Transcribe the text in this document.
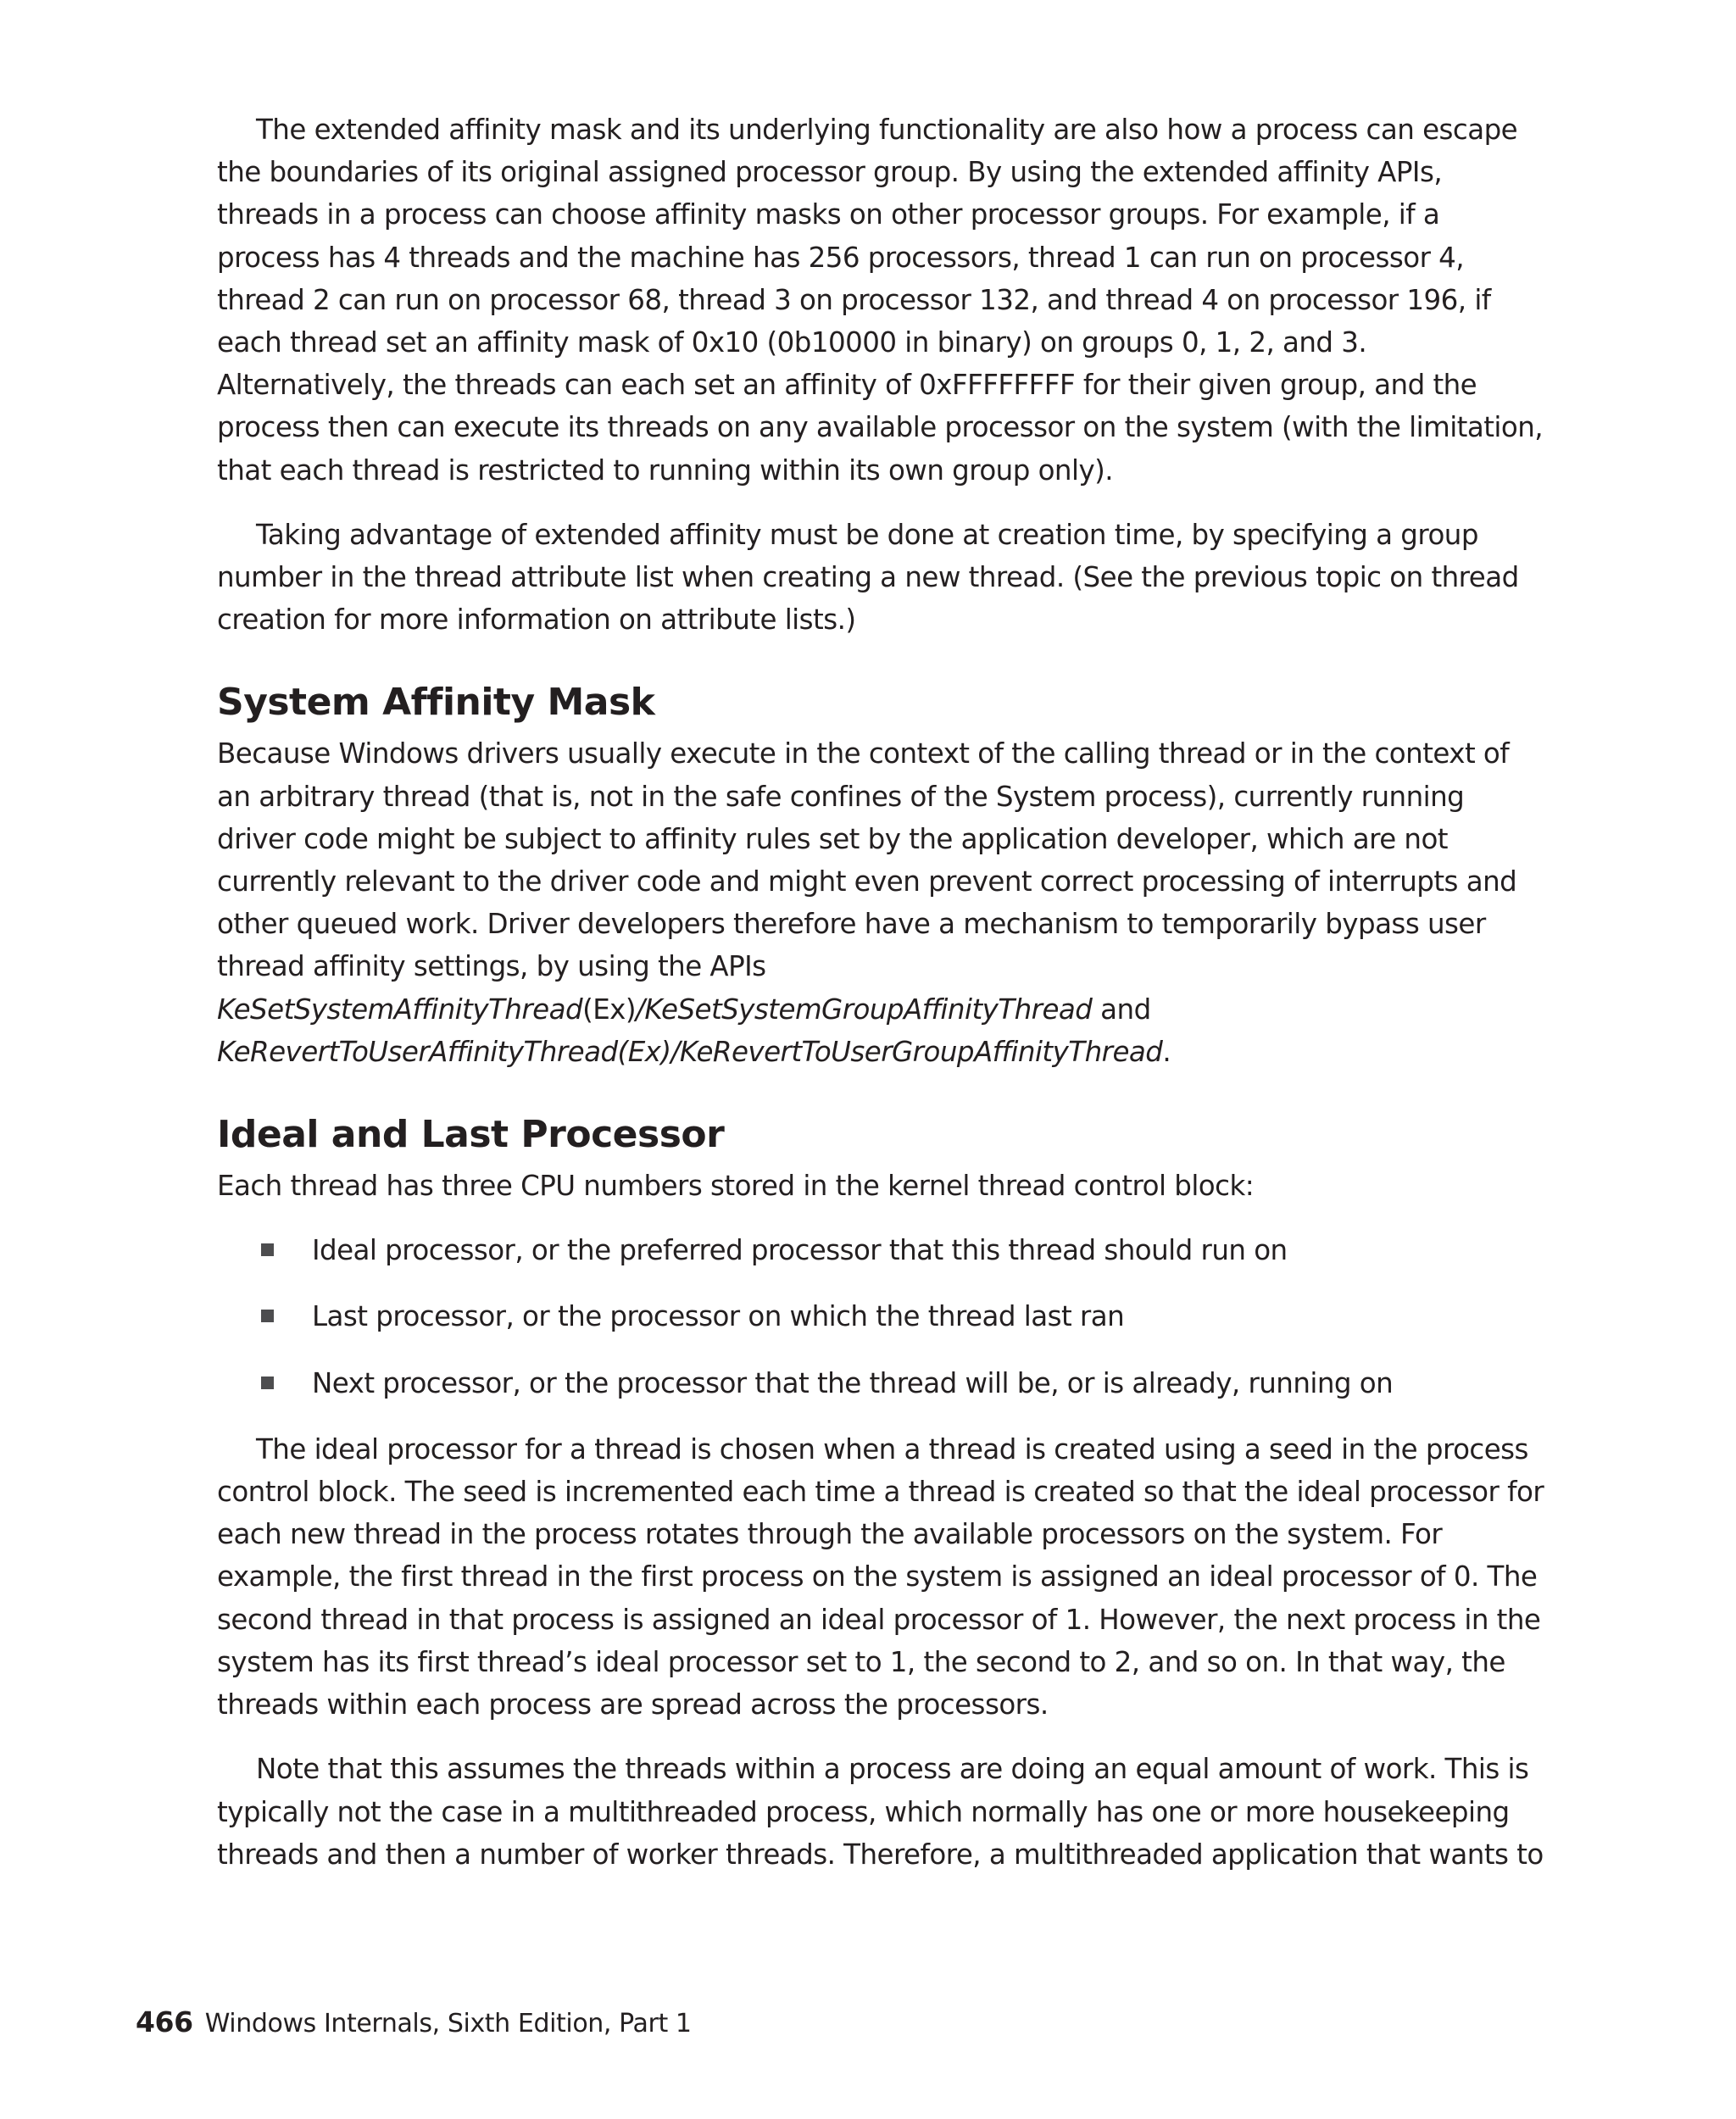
The extended affinity mask and its underlying functionality are also how a process can escape the boundaries of its original assigned processor group. By using the extended affinity APIs, threads in a process can choose affinity masks on other processor groups. For example, if a process has 4 threads and the machine has 256 processors, thread 1 can run on processor 4, thread 2 can run on processor 68, thread 3 on processor 132, and thread 4 on processor 196, if each thread set an affinity mask of 0x10 (0b10000 in binary) on groups 0, 1, 2, and 3. Alternatively, the threads can each set an affinity of 0xFFFFFFFF for their given group, and the process then can execute its threads on any available processor on the system (with the limitation, that each thread is restricted to running within its own group only).

Taking advantage of extended affinity must be done at creation time, by specifying a group number in the thread attribute list when creating a new thread. (See the previous topic on thread creation for more information on attribute lists.)

System Affinity Mask

Because Windows drivers usually execute in the context of the calling thread or in the context of an arbitrary thread (that is, not in the safe confines of the System process), currently running driver code might be subject to affinity rules set by the application developer, which are not currently relevant to the driver code and might even prevent correct processing of interrupts and other queued work. Driver developers therefore have a mechanism to temporarily bypass user thread affinity settings, by using the APIs KeSetSystemAffinityThread(Ex)/KeSetSystemGroupAffinityThread and KeRevertToUserAffinityThread(Ex)/KeRevertToUserGroupAffinityThread.

Ideal and Last Processor

Each thread has three CPU numbers stored in the kernel thread control block:

Ideal processor, or the preferred processor that this thread should run on
Last processor, or the processor on which the thread last ran
Next processor, or the processor that the thread will be, or is already, running on

The ideal processor for a thread is chosen when a thread is created using a seed in the process control block. The seed is incremented each time a thread is created so that the ideal processor for each new thread in the process rotates through the available processors on the system. For example, the first thread in the first process on the system is assigned an ideal processor of 0. The second thread in that process is assigned an ideal processor of 1. However, the next process in the system has its first thread’s ideal processor set to 1, the second to 2, and so on. In that way, the threads within each process are spread across the processors.

Note that this assumes the threads within a process are doing an equal amount of work. This is typically not the case in a multithreaded process, which normally has one or more housekeeping threads and then a number of worker threads. Therefore, a multithreaded application that wants to

466 Windows Internals, Sixth Edition, Part 1
